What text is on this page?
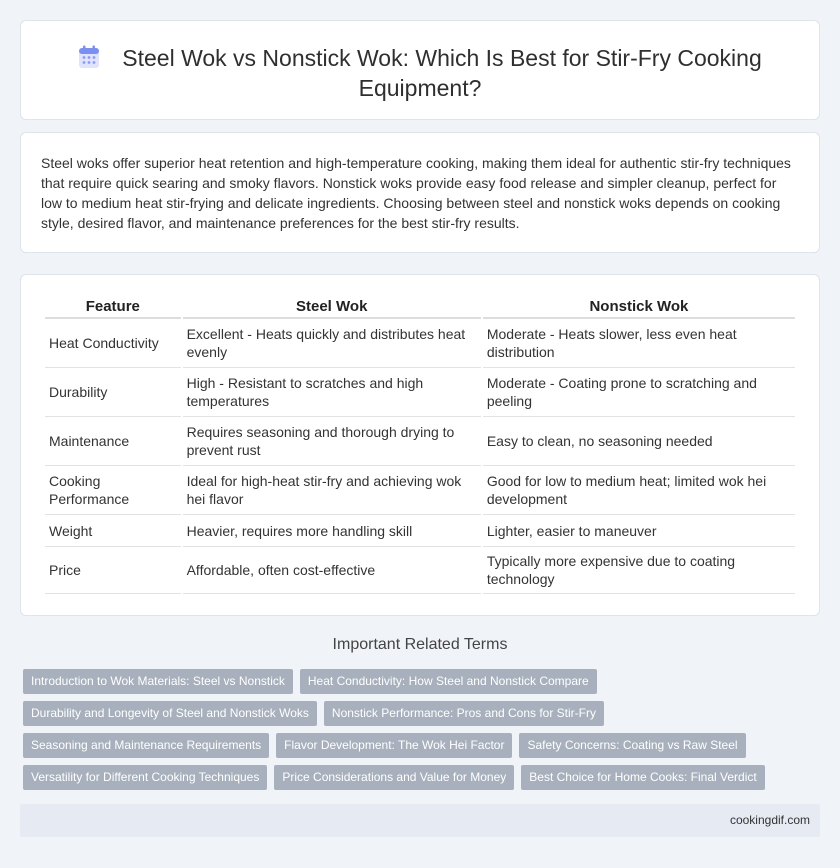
Steel Wok vs Nonstick Wok: Which Is Best for Stir-Fry Cooking Equipment?

Steel woks offer superior heat retention and high-temperature cooking, making them ideal for authentic stir-fry techniques that require quick searing and smoky flavors. Nonstick woks provide easy food release and simpler cleanup, perfect for low to medium heat stir-frying and delicate ingredients. Choosing between steel and nonstick woks depends on cooking style, desired flavor, and maintenance preferences for the best stir-fry results.

Feature	Steel Wok	Nonstick Wok
Heat Conductivity	Excellent - Heats quickly and distributes heat evenly	Moderate - Heats slower, less even heat distribution
Durability	High - Resistant to scratches and high temperatures	Moderate - Coating prone to scratching and peeling
Maintenance	Requires seasoning and thorough drying to prevent rust	Easy to clean, no seasoning needed
Cooking Performance	Ideal for high-heat stir-fry and achieving wok hei flavor	Good for low to medium heat; limited wok hei development
Weight	Heavier, requires more handling skill	Lighter, easier to maneuver
Price	Affordable, often cost-effective	Typically more expensive due to coating technology
Important Related Terms
Introduction to Wok Materials: Steel vs Nonstick Heat Conductivity: How Steel and Nonstick Compare
Durability and Longevity of Steel and Nonstick Woks Nonstick Performance: Pros and Cons for Stir-Fry
Seasoning and Maintenance Requirements Flavor Development: The Wok Hei Factor Safety Concerns: Coating vs Raw Steel
Versatility for Different Cooking Techniques Price Considerations and Value for Money Best Choice for Home Cooks: Final Verdict
cookingdif.com
